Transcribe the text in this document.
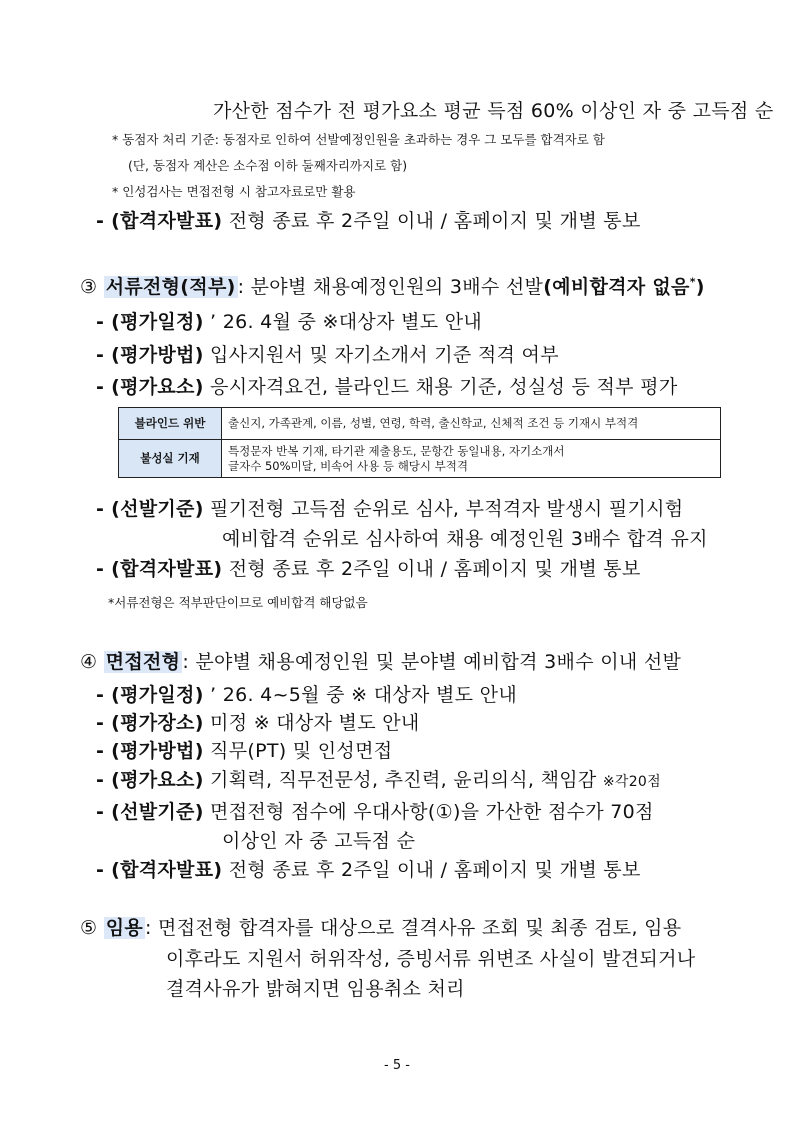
가산한 점수가 전 평가요소 평균 득점 60% 이상인 자 중 고득점 순
* 동점자 처리 기준: 동점자로 인하여 선발예정인원을 초과하는 경우 그 모두를 합격자로 함
(단, 동점자 계산은 소수점 이하 둘째자리까지로 함)
* 인성검사는 면접전형 시 참고자료로만 활용
- (합격자발표) 전형 종료 후 2주일 이내 / 홈페이지 및 개별 통보
③ 서류전형(적부) : 분야별 채용예정인원의 3배수 선발(예비합격자 없음*)
- (평가일정) ’ 26. 4월 중 ※대상자 별도 안내
- (평가방법) 입사지원서 및 자기소개서 기준 적격 여부
- (평가요소) 응시자격요건, 블라인드 채용 기준, 성실성 등 적부 평가
블라인드 위반	출신지, 가족관계, 이름, 성별, 연령, 학력, 출신학교, 신체적 조건 등 기재시 부적격
불성실 기재	특정문자 반복 기재, 타기관 제출용도, 문항간 동일내용, 자기소개서
글자수 50%미달, 비속어 사용 등 해당시 부적격
- (선발기준) 필기전형 고득점 순위로 심사, 부적격자 발생시 필기시험
예비합격 순위로 심사하여 채용 예정인원 3배수 합격 유지
- (합격자발표) 전형 종료 후 2주일 이내 / 홈페이지 및 개별 통보
*서류전형은 적부판단이므로 예비합격 해당없음
④ 면접전형 : 분야별 채용예정인원 및 분야별 예비합격 3배수 이내 선발
- (평가일정) ’ 26. 4~5월 중 ※ 대상자 별도 안내
- (평가장소) 미정 ※ 대상자 별도 안내
- (평가방법) 직무(PT) 및 인성면접
- (평가요소) 기획력, 직무전문성, 추진력, 윤리의식, 책임감 ※각20점
- (선발기준) 면접전형 점수에 우대사항(①)을 가산한 점수가 70점
이상인 자 중 고득점 순
- (합격자발표) 전형 종료 후 2주일 이내 / 홈페이지 및 개별 통보
⑤ 임용 : 면접전형 합격자를 대상으로 결격사유 조회 및 최종 검토, 임용
이후라도 지원서 허위작성, 증빙서류 위변조 사실이 발견되거나
결격사유가 밝혀지면 임용취소 처리
- 5 -
